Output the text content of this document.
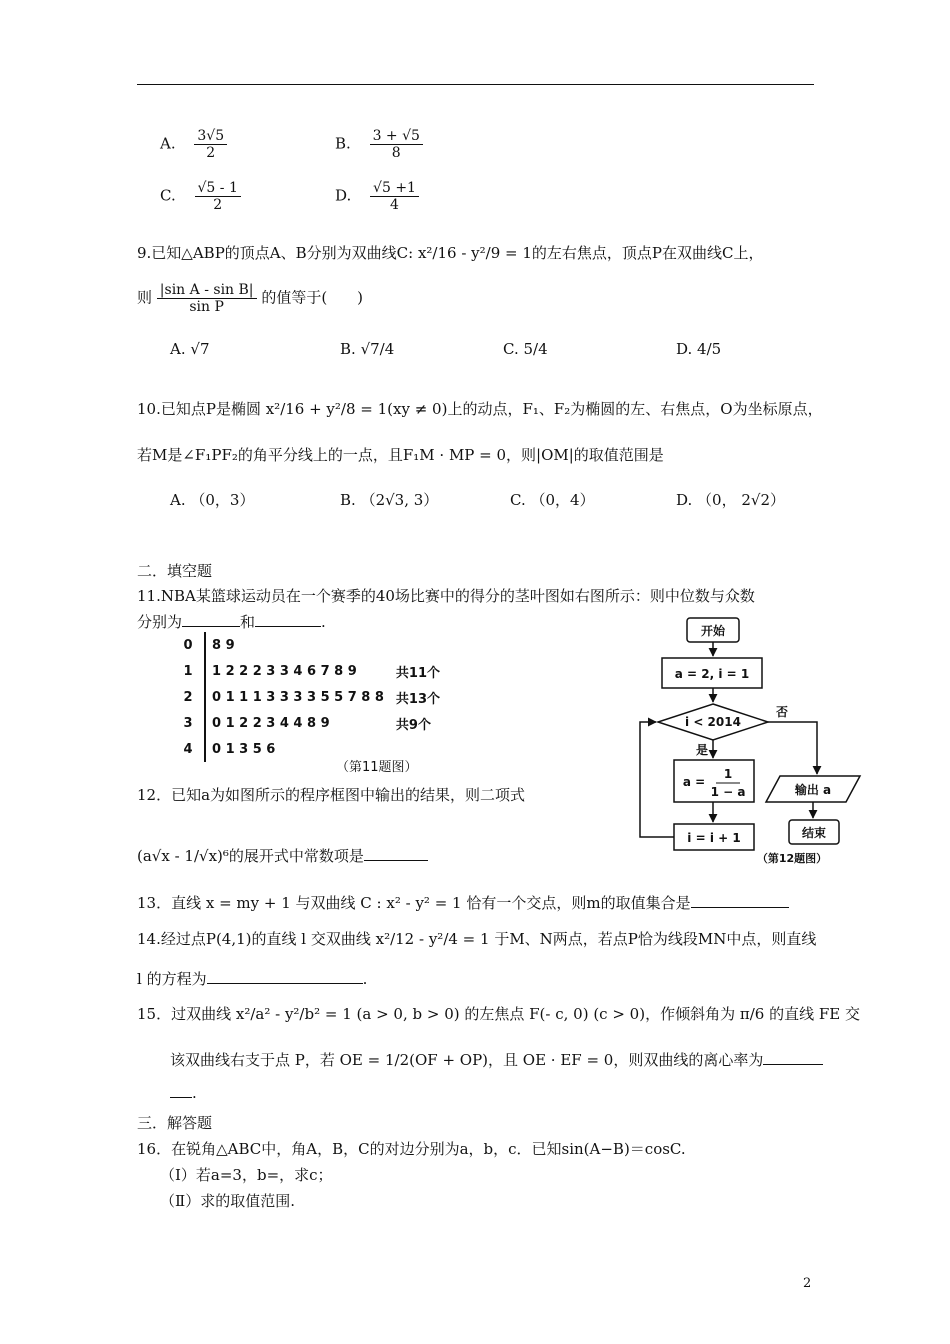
A. $\frac{3√5}{2}$	B. $\frac{3 + √5}{8}$
C. $\frac{√5 - 1}{2}$	D. $\frac{√5 +1}{4}$
9.已知△ABP的顶点A、B分别为双曲线C: x²/16 - y²/9 = 1的左右焦点，顶点P在双曲线C上，
则 $\frac{\text{|sin A - sin B|}}{\text{sin P}}$ 的值等于(　　)
A. √7	B. √7/4	C. 5/4	D. 4/5
10.已知点P是椭圆 x²/16 + y²/8 = 1(xy ≠ 0)上的动点，F₁、F₂为椭圆的左、右焦点，O为坐标原点，
若M是∠F₁PF₂的角平分线上的一点，且F₁M · MP = 0，则|OM|的取值范围是
A. （0，3）	B. （2√3, 3）	C. （0，4）	D. （0， 2√2）
二．填空题
11.NBA某篮球运动员在一个赛季的40场比赛中的得分的茎叶图如右图所示：则中位数与众数
分别为	和	.
0	8 9	
1	1 2 2 2 3 3 4 6 7 8 9	共11个
2	0 1 1 1 3 3 3 3 5 5 7 8 8	共13个
3	0 1 2 2 3 4 4 8 9	共9个
4	0 1 3 5 6	
（第11题图）
开始
a = 2, i = 1
i < 2014
是
否
a =
1
1 − a
i = i + 1
输出 a
结束
（第12题图）
12．已知a为如图所示的程序框图中输出的结果，则二项式
(a√x - 1/√x)⁶的展开式中常数项是
13．直线 x = my + 1 与双曲线 C : x² - y² = 1 恰有一个交点，则m的取值集合是
14.经过点P(4,1)的直线 l 交双曲线 x²/12 - y²/4 = 1 于M、N两点，若点P恰为线段MN中点，则直线
l 的方程为	.
15．过双曲线 x²/a² - y²/b² = 1 (a > 0, b > 0) 的左焦点 F(- c, 0) (c > 0)，作倾斜角为 π/6 的直线 FE 交
该双曲线右支于点 P，若 OE = 1/2(OF + OP)，且 OE · EF = 0，则双曲线的离心率为
.
三．解答题
16．在锐角△ABC中，角A，B，C的对边分别为a，b，c．已知sin(A−B)＝cosC.
（Ⅰ）若a=3，b=，求c；
（Ⅱ）求的取值范围.
2
